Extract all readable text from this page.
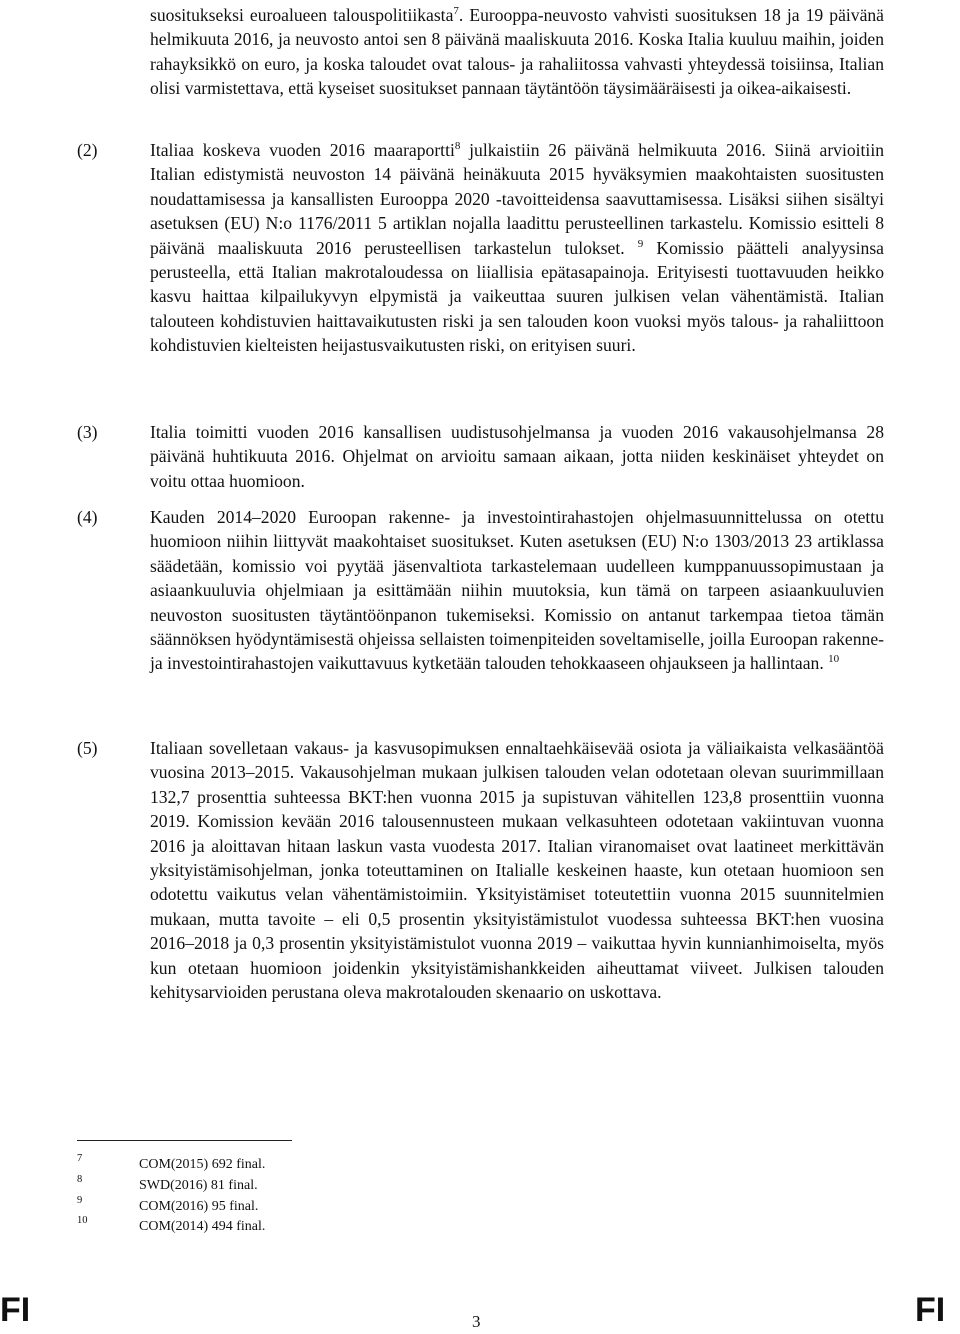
suositukseksi euroalueen talouspolitiikasta$^7$. Eurooppa-neuvosto vahvisti suosituksen 18 ja 19 päivänä helmikuuta 2016, ja neuvosto antoi sen 8 päivänä maaliskuuta 2016. Koska Italia kuuluu maihin, joiden rahayksikkö on euro, ja koska taloudet ovat talous- ja rahaliitossa vahvasti yhteydessä toisiinsa, Italian olisi varmistettava, että kyseiset suositukset pannaan täytäntöön täysimääräisesti ja oikea-aikaisesti.
(2)	Italiaa koskeva vuoden 2016 maaraportti$^8$ julkaistiin 26 päivänä helmikuuta 2016. Siinä arvioitiin Italian edistymistä neuvoston 14 päivänä heinäkuuta 2015 hyväksymien maakohtaisten suositusten noudattamisessa ja kansallisten Eurooppa 2020 -tavoitteidensa saavuttamisessa. Lisäksi siihen sisältyi asetuksen (EU) N:o 1176/2011 5 artiklan nojalla laadittu perusteellinen tarkastelu. Komissio esitteli 8 päivänä maaliskuuta 2016 perusteellisen tarkastelun tulokset. $^9$ Komissio päätteli analyysinsa perusteella, että Italian makrotaloudessa on liiallisia epätasapainoja. Erityisesti tuottavuuden heikko kasvu haittaa kilpailukyvyn elpymistä ja vaikeuttaa suuren julkisen velan vähentämistä. Italian talouteen kohdistuvien haittavaikutusten riski ja sen talouden koon vuoksi myös talous- ja rahaliittoon kohdistuvien kielteisten heijastusvaikutusten riski, on erityisen suuri.
(3)	Italia toimitti vuoden 2016 kansallisen uudistusohjelmansa ja vuoden 2016 vakausohjelmansa 28 päivänä huhtikuuta 2016. Ohjelmat on arvioitu samaan aikaan, jotta niiden keskinäiset yhteydet on voitu ottaa huomioon.
(4)	Kauden 2014–2020 Euroopan rakenne- ja investointirahastojen ohjelmasuunnittelussa on otettu huomioon niihin liittyvät maakohtaiset suositukset. Kuten asetuksen (EU) N:o 1303/2013 23 artiklassa säädetään, komissio voi pyytää jäsenvaltiota tarkastelemaan uudelleen kumppanuussopimustaan ja asiaankuuluvia ohjelmiaan ja esittämään niihin muutoksia, kun tämä on tarpeen asiaankuuluvien neuvoston suositusten täytäntöönpanon tukemiseksi. Komissio on antanut tarkempaa tietoa tämän säännöksen hyödyntämisestä ohjeissa sellaisten toimenpiteiden soveltamiselle, joilla Euroopan rakenne- ja investointirahastojen vaikuttavuus kytketään talouden tehokkaaseen ohjaukseen ja hallintaan. $^{10}$
(5)	Italiaan sovelletaan vakaus- ja kasvusopimuksen ennaltaehkäisevää osiota ja väliaikaista velkasääntöä vuosina 2013–2015. Vakausohjelman mukaan julkisen talouden velan odotetaan olevan suurimmillaan 132,7 prosenttia suhteessa BKT:hen vuonna 2015 ja supistuvan vähitellen 123,8 prosenttiin vuonna 2019. Komission kevään 2016 talousennusteen mukaan velkasuhteen odotetaan vakiintuvan vuonna 2016 ja aloittavan hitaan laskun vasta vuodesta 2017. Italian viranomaiset ovat laatineet merkittävän yksityistämisohjelman, jonka toteuttaminen on Italialle keskeinen haaste, kun otetaan huomioon sen odotettu vaikutus velan vähentämistoimiin. Yksityistämiset toteutettiin vuonna 2015 suunnitelmien mukaan, mutta tavoite – eli 0,5 prosentin yksityistämistulot vuodessa suhteessa BKT:hen vuosina 2016–2018 ja 0,3 prosentin yksityistämistulot vuonna 2019 – vaikuttaa hyvin kunnianhimoiselta, myös kun otetaan huomioon joidenkin yksityistämishankkeiden aiheuttamat viiveet. Julkisen talouden kehitysarvioiden perustana oleva makrotalouden skenaario on uskottava.
7	COM(2015) 692 final.
8	SWD(2016) 81 final.
9	COM(2016) 95 final.
10	COM(2014) 494 final.
FI	3	FI
